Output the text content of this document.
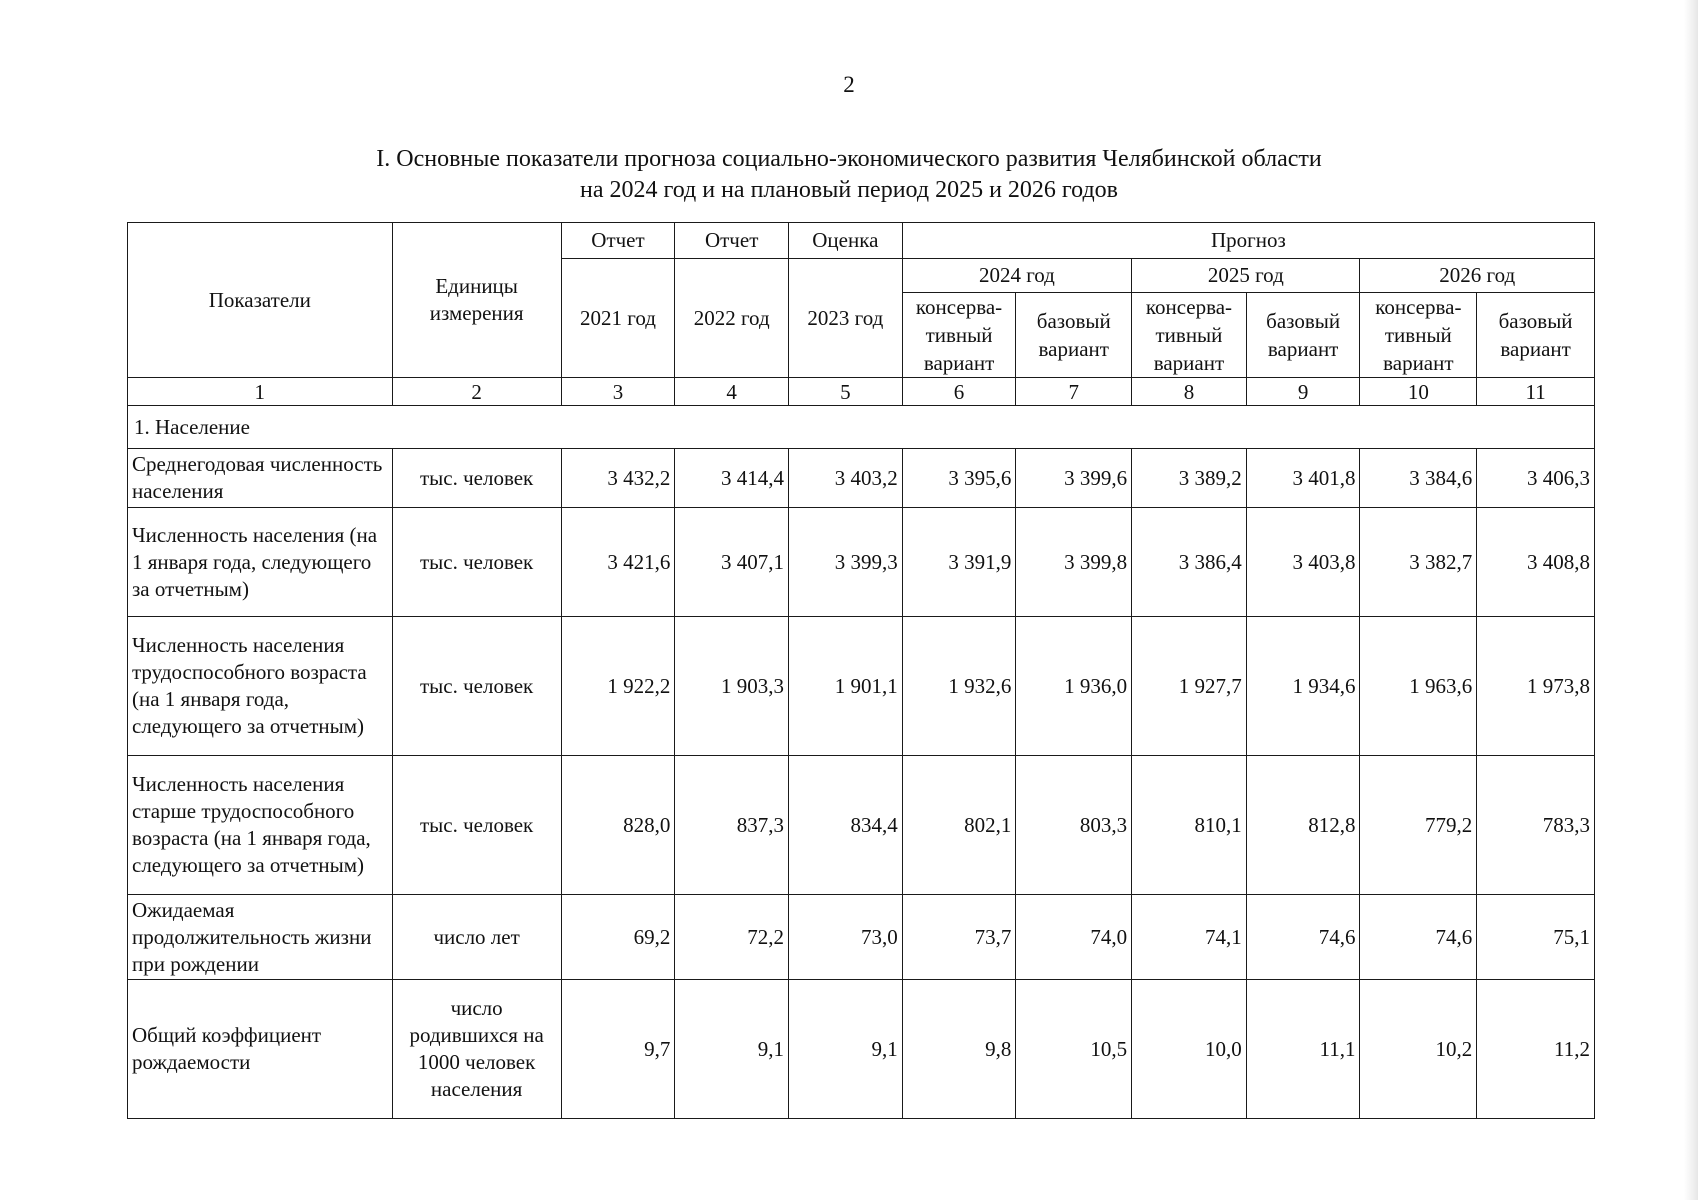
2
I. Основные показатели прогноза социально-экономического развития Челябинской области
на 2024 год и на плановый период 2025 и 2026 годов
Показатели	Единицы измерения	Отчет	Отчет	Оценка	Прогноз					
		2021 год	2022 год	2023 год	2024 год		2025 год		2026 год	
					консерва-тивный вариант	базовый вариант	консерва-тивный вариант	базовый вариант	консерва-тивный вариант	базовый вариант
1	2	3	4	5	6	7	8	9	10	11
1. Население										
Среднегодовая численность населения	тыс. человек	3 432,2	3 414,4	3 403,2	3 395,6	3 399,6	3 389,2	3 401,8	3 384,6	3 406,3
Численность населения (на 1 января года, следующего за отчетным)	тыс. человек	3 421,6	3 407,1	3 399,3	3 391,9	3 399,8	3 386,4	3 403,8	3 382,7	3 408,8
Численность населения трудоспособного возраста (на 1 января года, следующего за отчетным)	тыс. человек	1 922,2	1 903,3	1 901,1	1 932,6	1 936,0	1 927,7	1 934,6	1 963,6	1 973,8
Численность населения старше трудоспособного возраста (на 1 января года, следующего за отчетным)	тыс. человек	828,0	837,3	834,4	802,1	803,3	810,1	812,8	779,2	783,3
Ожидаемая продолжительность жизни при рождении	число лет	69,2	72,2	73,0	73,7	74,0	74,1	74,6	74,6	75,1
Общий коэффициент рождаемости	число родившихся на 1000 человек населения	9,7	9,1	9,1	9,8	10,5	10,0	11,1	10,2	11,2
